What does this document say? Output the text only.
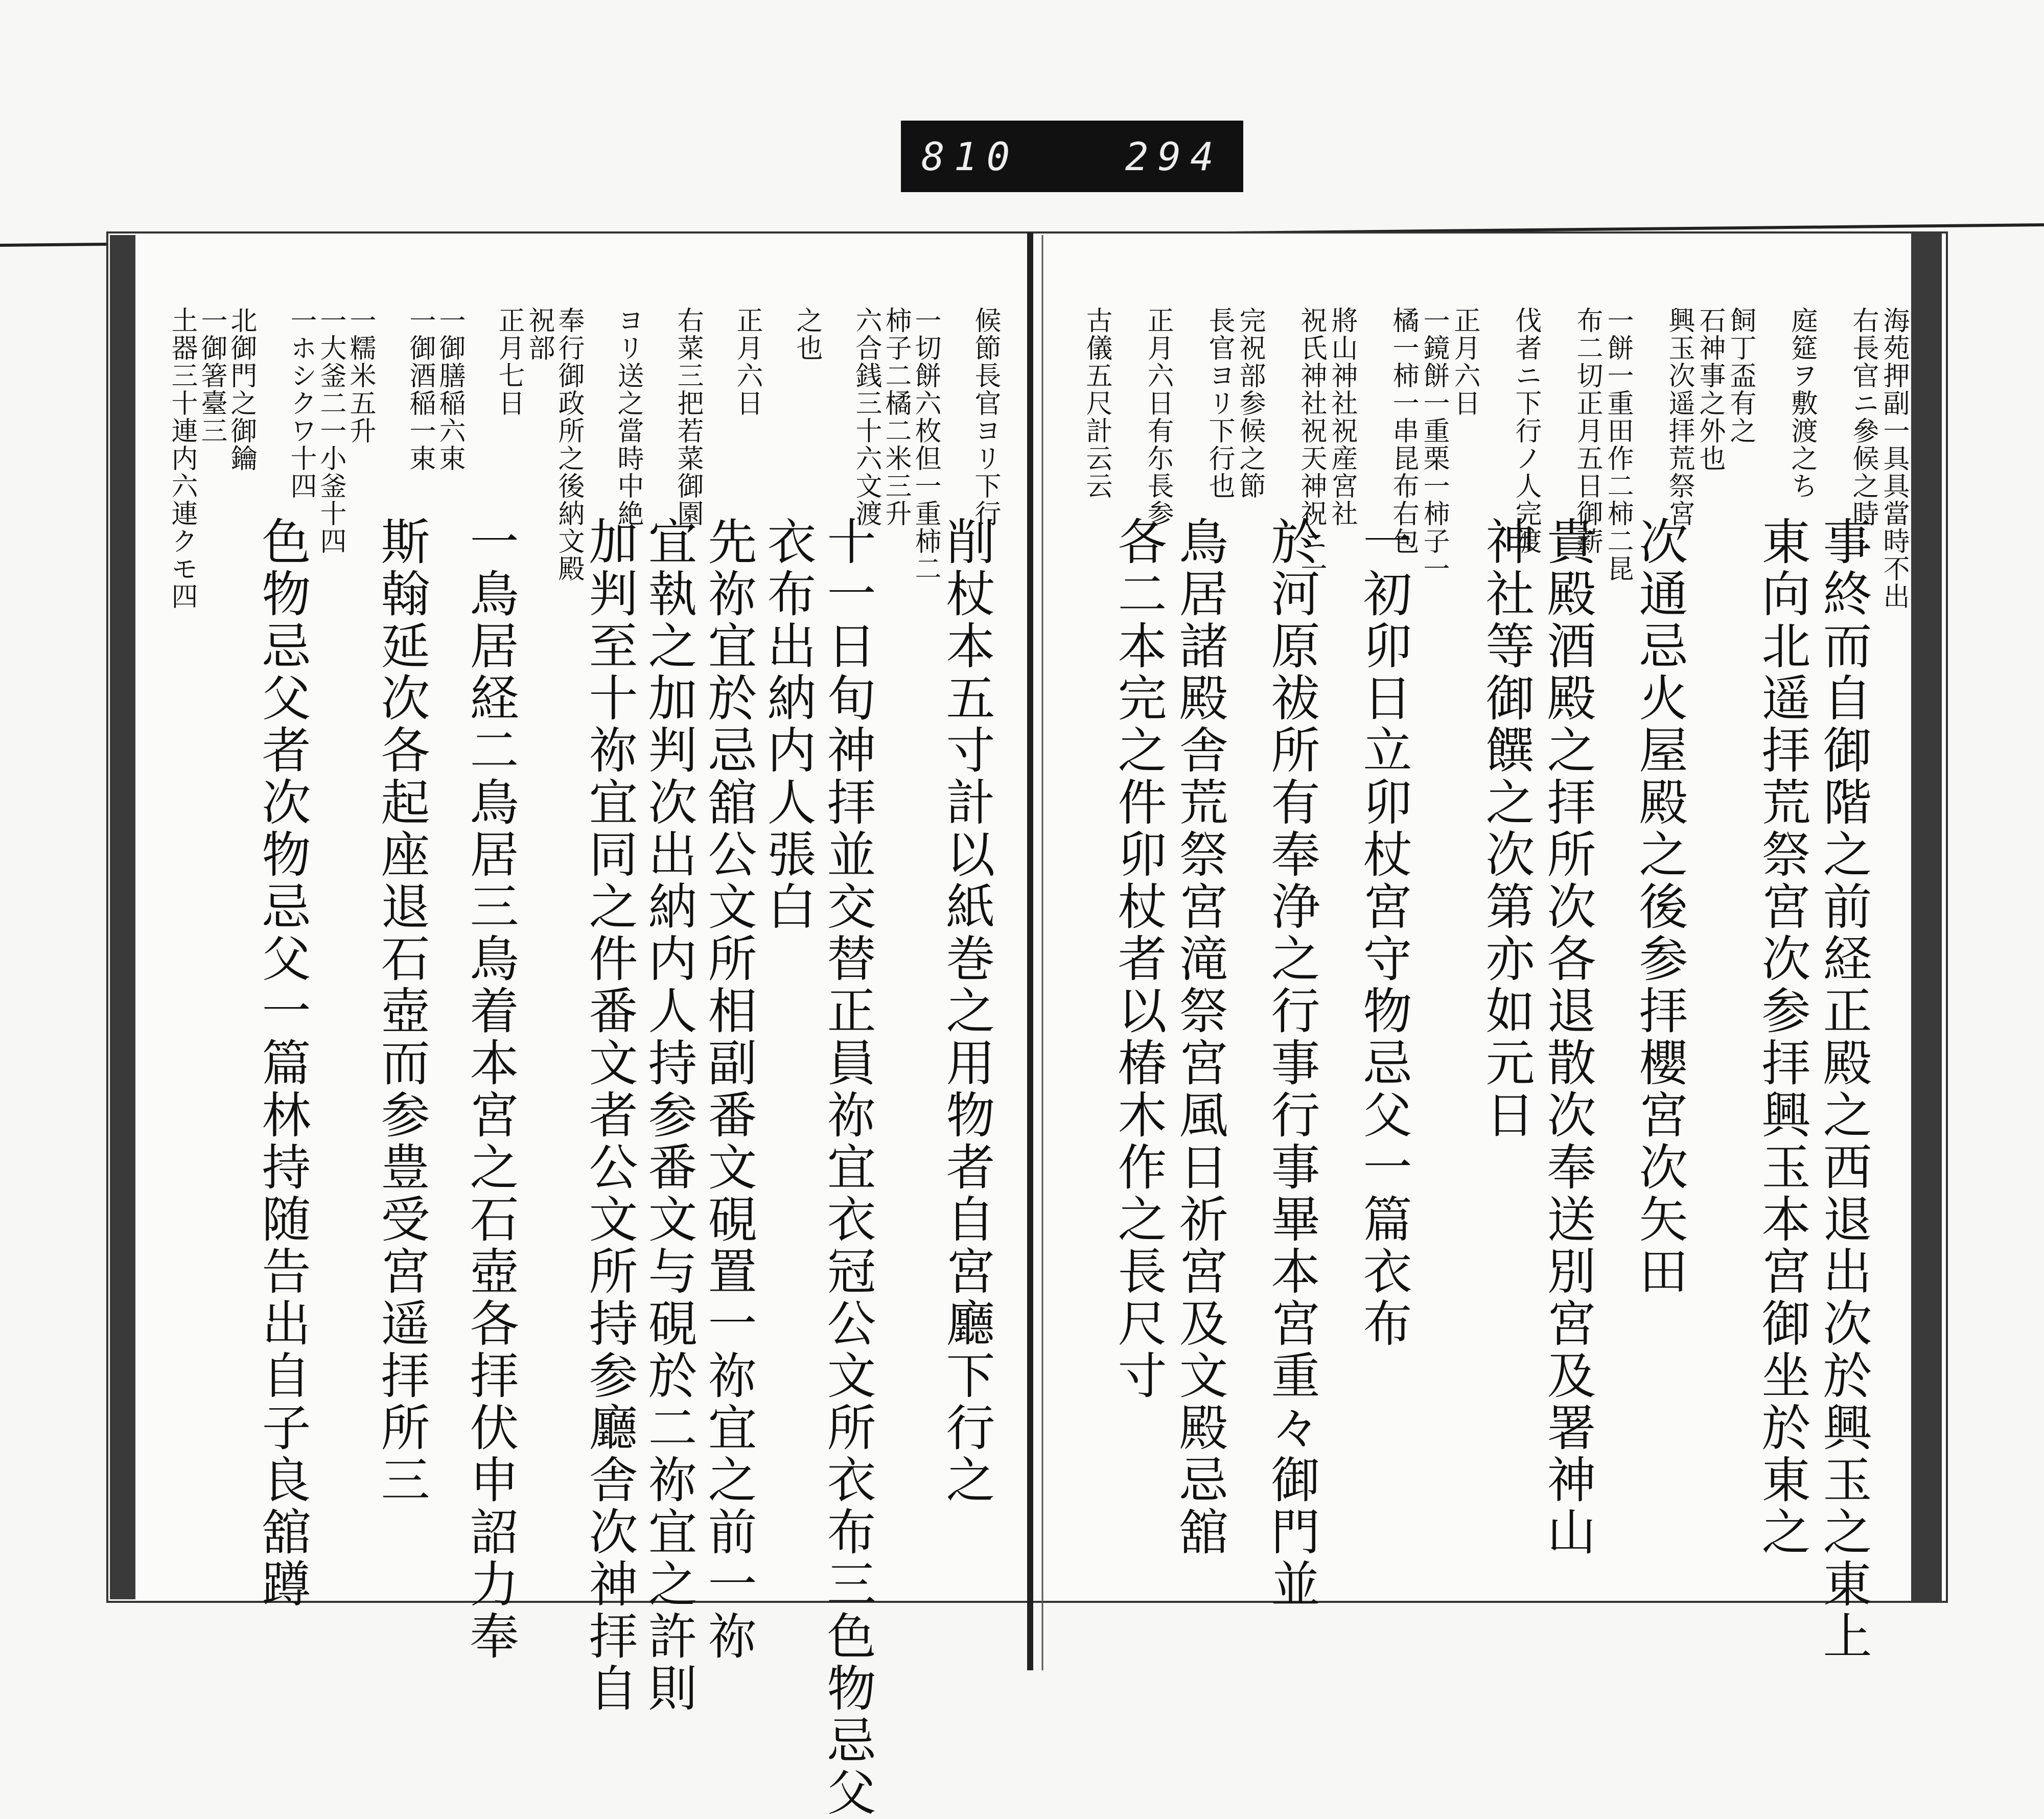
810	294
海苑押副一具具當時不出
右長官ニ參候之時
事終而自御階之前経正殿之西退出次於興玉之東上
庭筵ヲ敷渡之ち
東向北遥拝荒祭宮次参拝興玉本宮御坐於東之
飼丁盃有之
石神事之外也
興玉次遥拝荒祭宮
次通忌火屋殿之後参拝櫻宮次矢田
一餅一重田作二柿二昆
布二切正月五日御薪
貴殿酒殿之拝所次各退散次奉送別宮及署神山
伐者ニ下行ノ人完渡
神社等御饌之次第亦如元日
正月六日
一鏡餅一重栗一柿子一
橘一柿一串昆布右包
一初卯日立卯杖宮守物忌父一篇衣布
將山神社祝産宮社
祝氏神社祝天神祝ニ一
於河原祓所有奉浄之行事行事畢本宮重々御門並
完祝部参候之節
長官ヨリ下行也
鳥居諸殿舎荒祭宮滝祭宮風日祈宮及文殿忌舘
正月六日有尓長参
各二本完之件卯杖者以椿木作之長尺寸
古儀五尺計云云
候節長官ヨリ下行
削杖本五寸計以紙巻之用物者自宮廳下行之
一切餅六枚但一重柿二
柿子二橘二米三升
六合銭三十六文渡
十一日旬神拝並交替正員祢宜衣冠公文所衣布三色物忌父
之也
衣布出納内人張白
正月六日
先祢宜於忌舘公文所相副番文硯置一祢宜之前一祢
右菜三把若菜御園
宜執之加判次出納内人持参番文与硯於二祢宜之許則
ヨリ送之當時中絶
加判至十祢宜同之件番文者公文所持参廳舎次神拝自
奉行御政所之後納文殿
祝部
正月七日
一鳥居経二鳥居三鳥着本宮之石壺各拝伏申詔力奉
一御膳稲六束
一御酒稲一束
斯翰延次各起座退石壺而参豊受宮遥拝所三
一糯米五升
一大釜二一小釜十四
一ホシクワ十四
色物忌父者次物忌父一篇林持随告出自子良舘蹲
北御門之御鑰
一御箸臺三
土器三十連内六連クモ四
